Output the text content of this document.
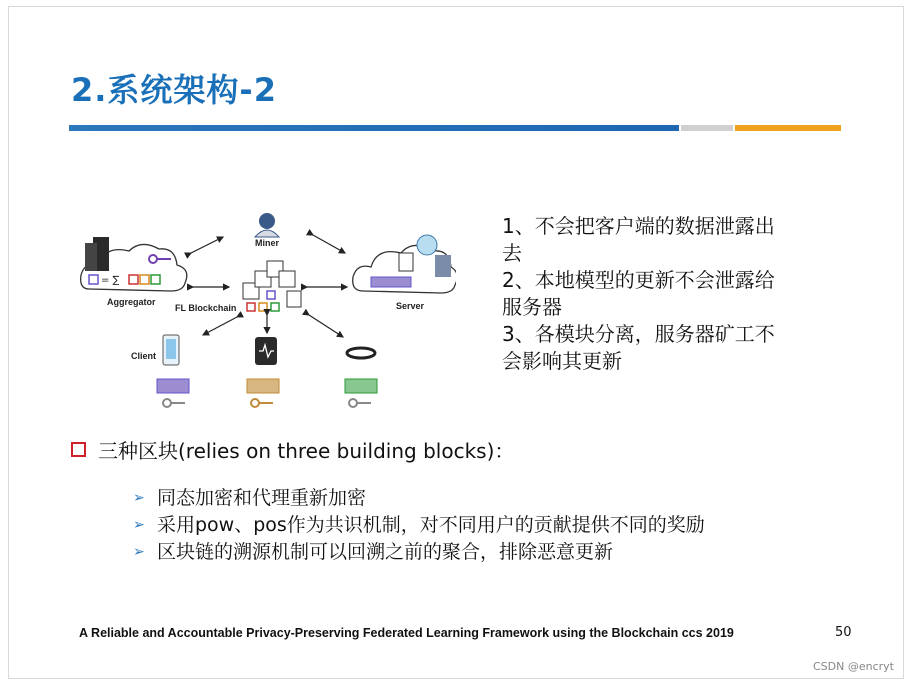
2.系统架构-2
Miner
= ∑
Aggregator	Server
FL Blockchain
Client
1、不会把客户端的数据泄露出
去
2、本地模型的更新不会泄露给
服务器
3、各模块分离，服务器矿工不
会影响其更新
三种区块(relies on three building blocks)：
➢ 同态加密和代理重新加密
➢ 采用pow、pos作为共识机制，对不同用户的贡献提供不同的奖励
➢ 区块链的溯源机制可以回溯之前的聚合，排除恶意更新
A Reliable and Accountable Privacy-Preserving Federated Learning Framework using the Blockchain ccs 2019	50
CSDN @encryt
